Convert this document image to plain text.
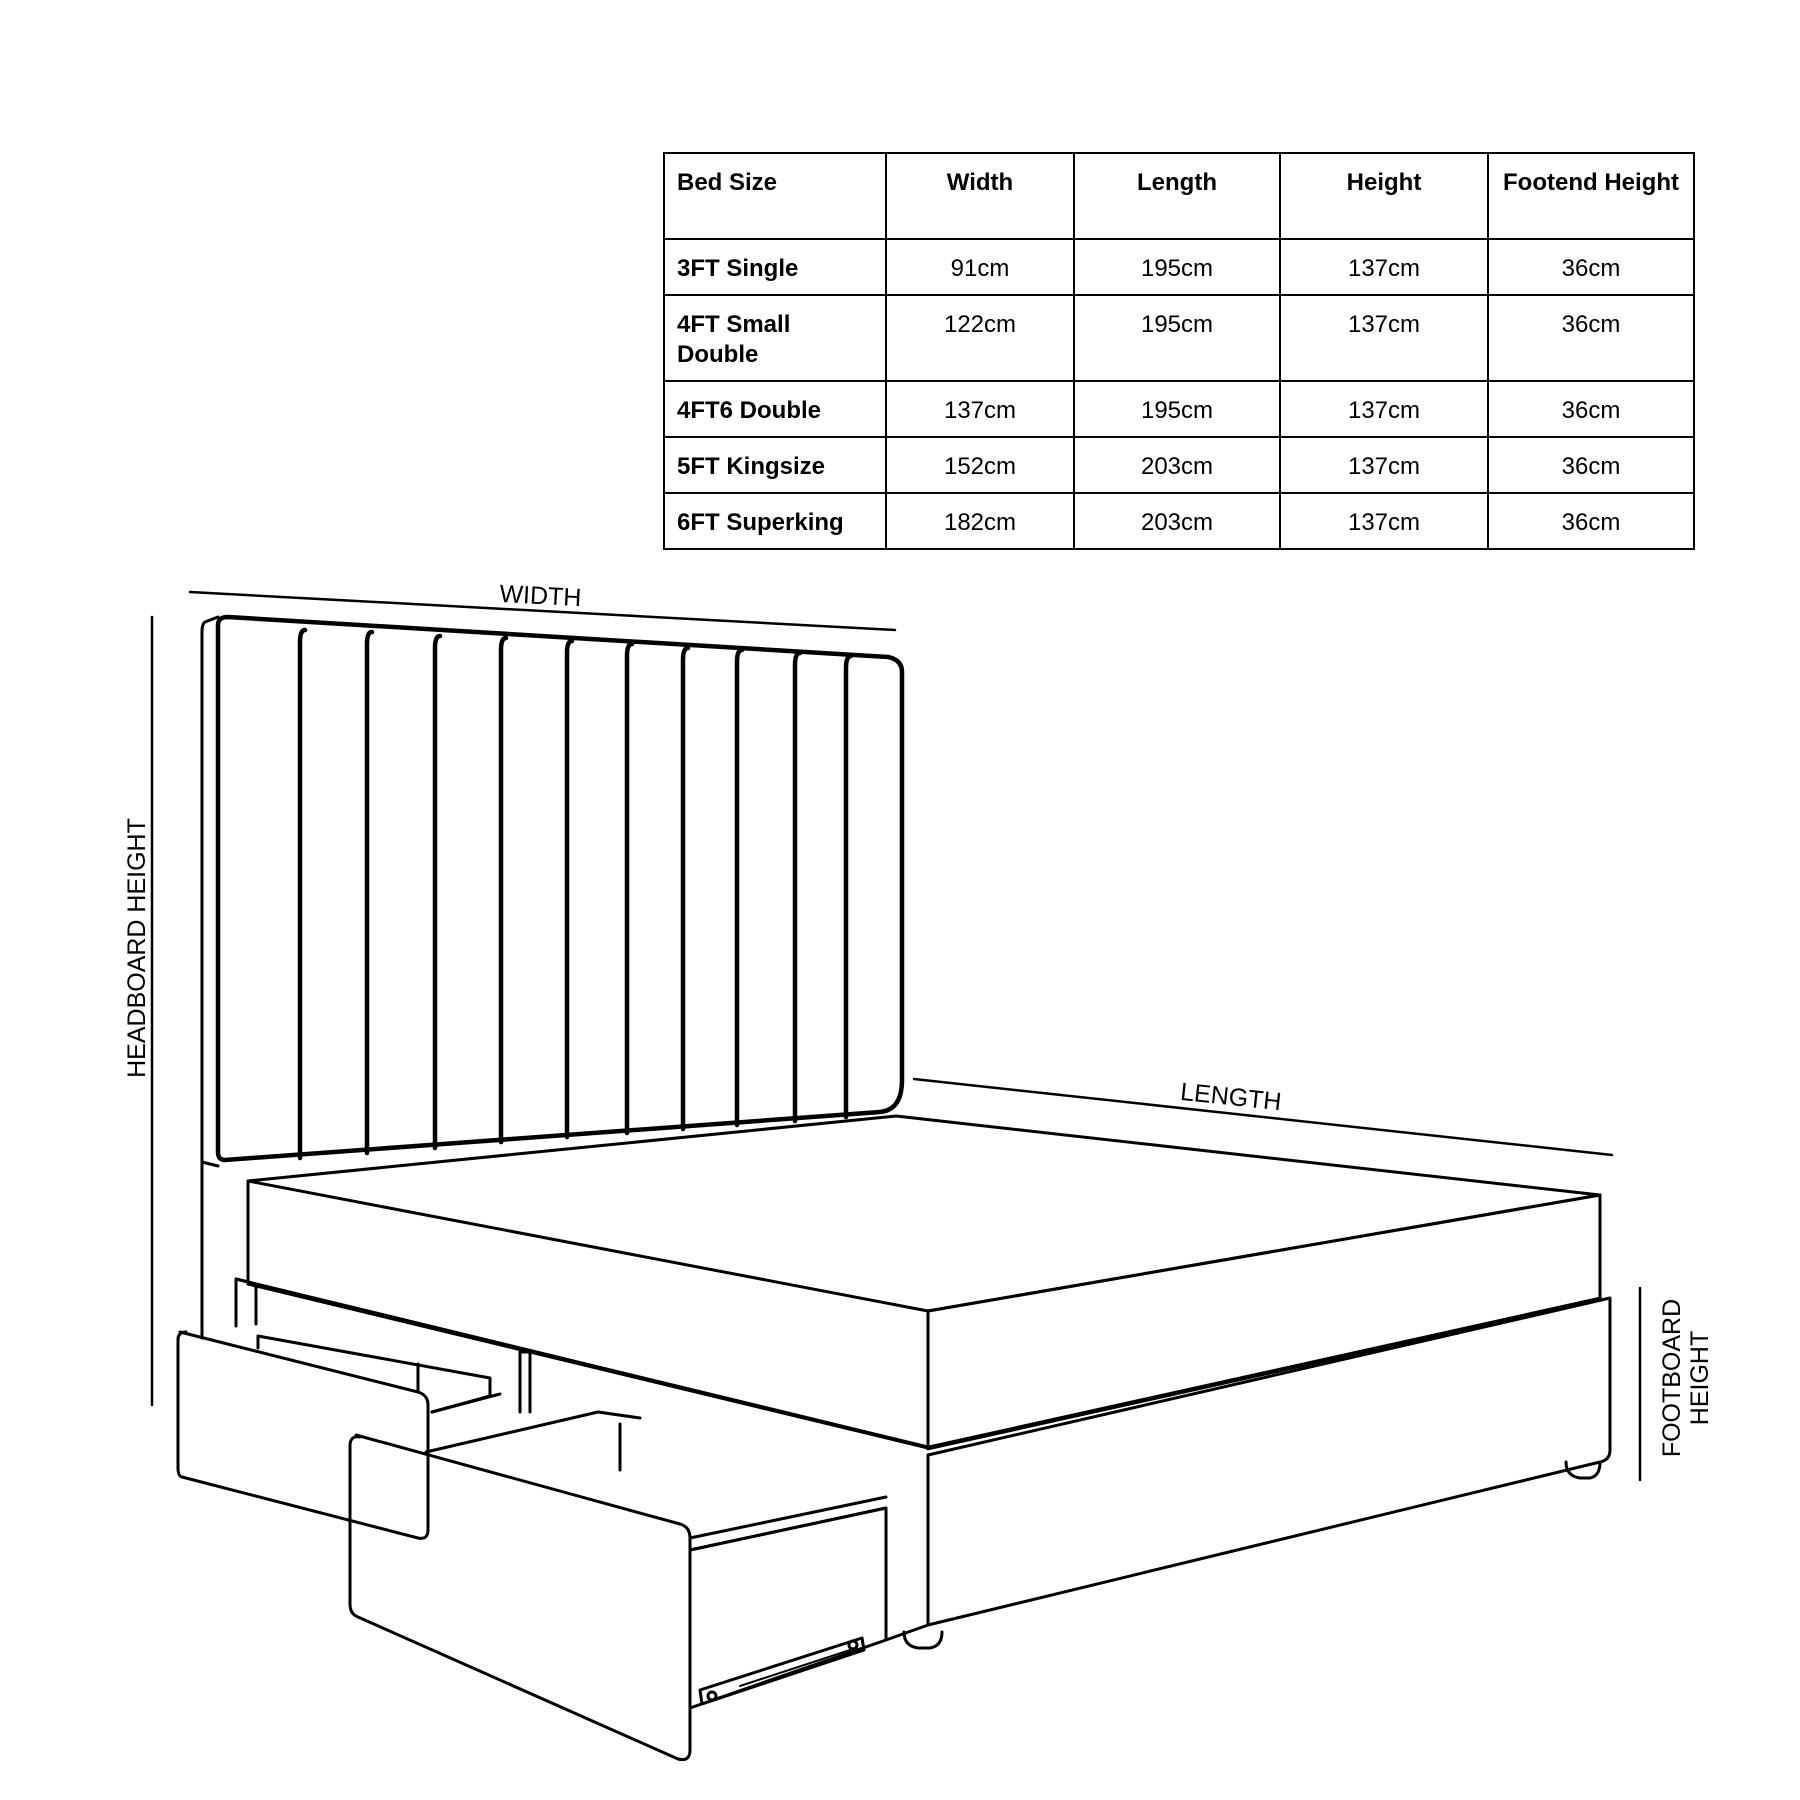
Bed Size	Width	Length	Height	Footend Height
3FT Single	91cm	195cm	137cm	36cm
4FT Small Double	122cm	195cm	137cm	36cm
4FT6 Double	137cm	195cm	137cm	36cm
5FT Kingsize	152cm	203cm	137cm	36cm
6FT Superking	182cm	203cm	137cm	36cm
WIDTH
HEADBOARD HEIGHT
LENGTH
FOOTBOARD HEIGHT
